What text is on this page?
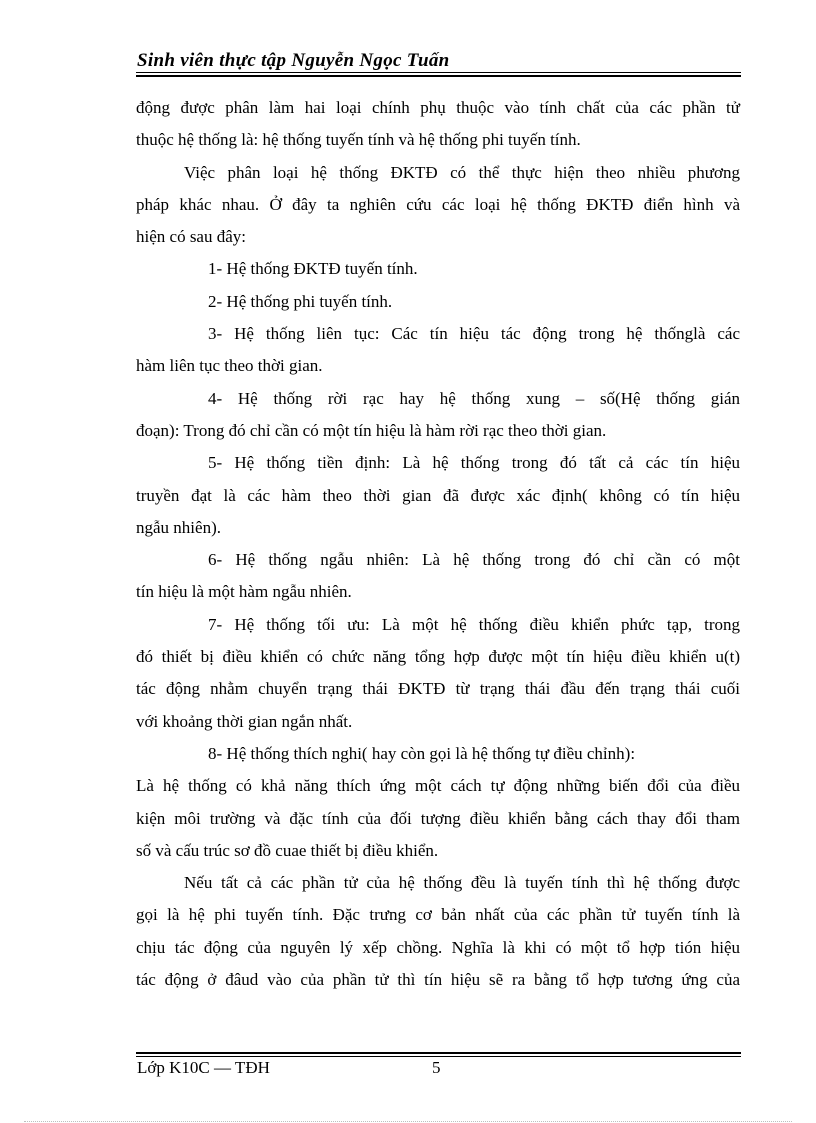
Sinh viên thực tập Nguyễn Ngọc Tuấn

động được phân làm hai loại chính phụ thuộc vào tính chất của các phần tử

thuộc hệ thống là: hệ thống tuyến tính và hệ thống phi tuyến tính.

Việc phân loại hệ thống ĐKTĐ có thể thực hiện theo nhiều phương

pháp khác nhau. Ở đây ta nghiên cứu các loại hệ thống ĐKTĐ điển hình và

hiện có sau đây:

1- Hệ thống ĐKTĐ tuyến tính.

2- Hệ thống phi tuyến tính.

3- Hệ thống liên tục: Các tín hiệu tác động trong hệ thốnglà các

hàm liên tục theo thời gian.

4- Hệ thống rời rạc hay hệ thống xung – số(Hệ thống gián

đoạn): Trong đó chỉ cần có một tín hiệu là hàm rời rạc theo thời gian.

5- Hệ thống tiền định: Là hệ thống trong đó tất cả các tín hiệu

truyền đạt là các hàm theo thời gian đã được xác định( không có tín hiệu

ngẫu nhiên).

6- Hệ thống ngẫu nhiên: Là hệ thống trong đó chỉ cần có một

tín hiệu là một hàm ngẫu nhiên.

7- Hệ thống tối ưu: Là một hệ thống điều khiển phức tạp, trong

đó thiết bị điều khiển có chức năng tổng hợp được một tín hiệu điều khiển u(t)

tác động nhằm chuyển trạng thái ĐKTĐ từ trạng thái đầu đến trạng thái cuối

với khoảng thời gian ngắn nhất.

8- Hệ thống thích nghi( hay còn gọi là hệ thống tự điều chỉnh):

Là hệ thống có khả năng thích ứng một cách tự động những biến đổi của điều

kiện môi trường và đặc tính của đối tượng điều khiển bằng cách thay đổi tham

số và cấu trúc sơ đồ cuae thiết bị điều khiển.

Nếu tất cả các phần tử của hệ thống đều là tuyến tính thì hệ thống được

gọi là hệ phi tuyến tính. Đặc trưng cơ bản nhất của các phần tử tuyến tính là

chịu tác động của nguyên lý xếp chồng. Nghĩa là khi có một tổ hợp tión hiệu

tác động ở đâud vào của phần tử thì tín hiệu sẽ ra bằng tổ hợp tương ứng của

Lớp K10C — TĐH	5
